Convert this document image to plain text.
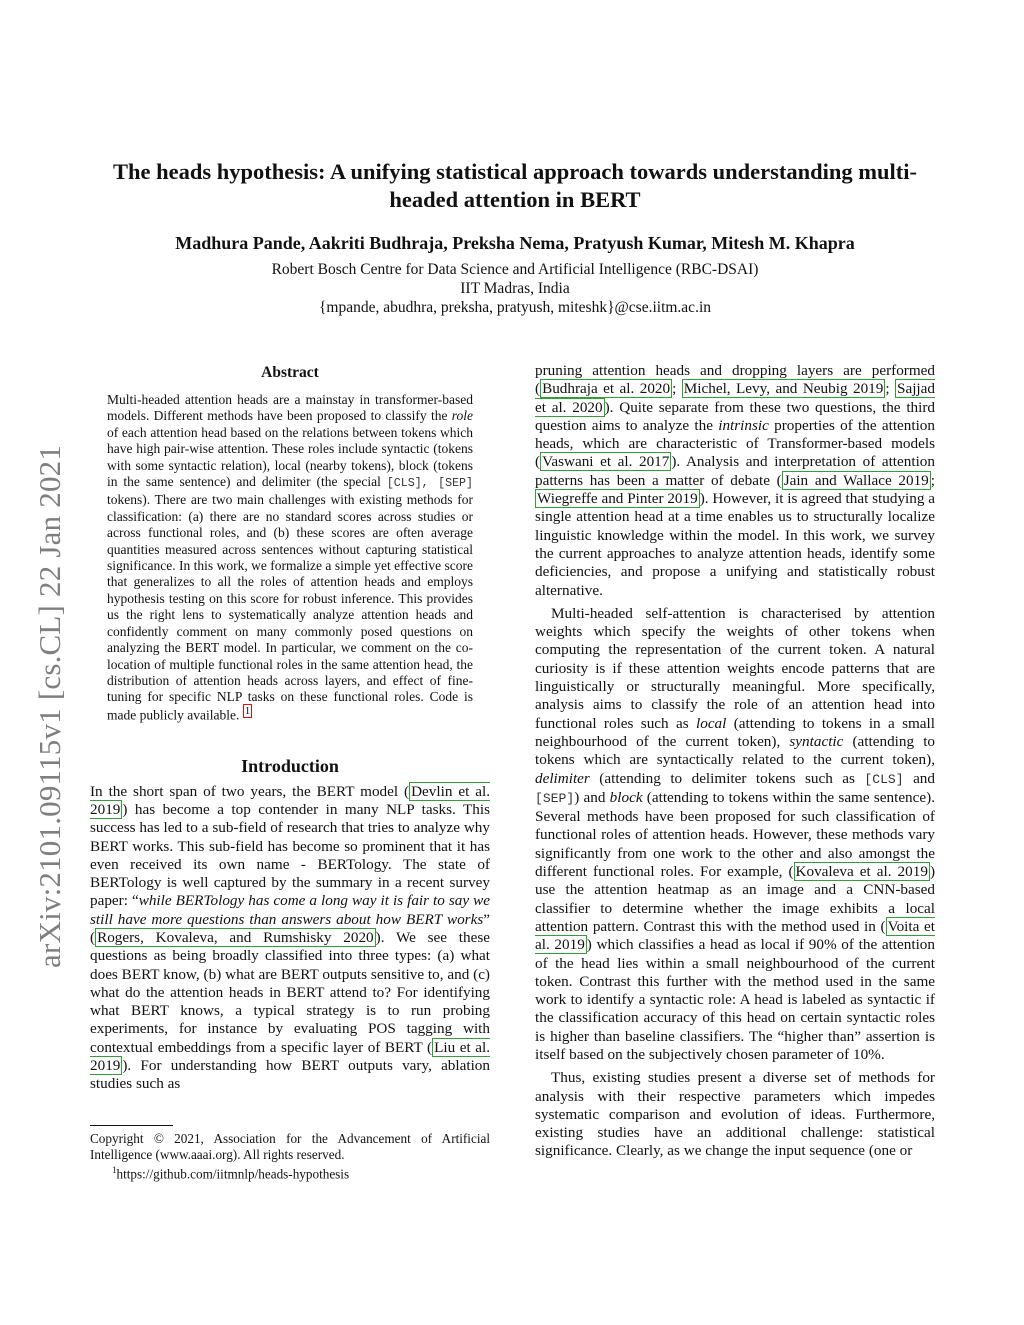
arXiv:2101.09115v1 [cs.CL] 22 Jan 2021
The heads hypothesis: A unifying statistical approach towards understanding multi-headed attention in BERT
Madhura Pande, Aakriti Budhraja, Preksha Nema, Pratyush Kumar, Mitesh M. Khapra
Robert Bosch Centre for Data Science and Artificial Intelligence (RBC-DSAI)
IIT Madras, India
{mpande, abudhra, preksha, pratyush, miteshk}@cse.iitm.ac.in
Abstract

Multi-headed attention heads are a mainstay in transformer-based models. Different methods have been proposed to classify the role of each attention head based on the relations between tokens which have high pair-wise attention. These roles include syntactic (tokens with some syntactic relation), local (nearby tokens), block (tokens in the same sentence) and delimiter (the special [CLS], [SEP] tokens). There are two main challenges with existing methods for classification: (a) there are no standard scores across studies or across functional roles, and (b) these scores are often average quantities measured across sentences without capturing statistical significance. In this work, we formalize a simple yet effective score that generalizes to all the roles of attention heads and employs hypothesis testing on this score for robust inference. This provides us the right lens to systematically analyze attention heads and confidently comment on many commonly posed questions on analyzing the BERT model. In particular, we comment on the co-location of multiple functional roles in the same attention head, the distribution of attention heads across layers, and effect of fine-tuning for specific NLP tasks on these functional roles. Code is made publicly available. $^1$

Introduction

In the short span of two years, the BERT model ( Devlin et al. 2019 ) has become a top contender in many NLP tasks. This success has led to a sub-field of research that tries to analyze why BERT works. This sub-field has become so prominent that it has even received its own name - BERTology. The state of BERTology is well captured by the summary in a recent survey paper: “while BERTology has come a long way it is fair to say we still have more questions than answers about how BERT works” ( Rogers, Kovaleva, and Rumshisky 2020 ). We see these questions as being broadly classified into three types: (a) what does BERT know, (b) what are BERT outputs sensitive to, and (c) what do the attention heads in BERT attend to? For identifying what BERT knows, a typical strategy is to run probing experiments, for instance by evaluating POS tagging with contextual embeddings from a specific layer of BERT ( Liu et al. 2019 ). For understanding how BERT outputs vary, ablation studies such as

Copyright © 2021, Association for the Advancement of Artificial Intelligence (www.aaai.org). All rights reserved.

$^1$https://github.com/iitmnlp/heads-hypothesis

pruning attention heads and dropping layers are performed ( Budhraja et al. 2020 ; Michel, Levy, and Neubig 2019 ; Sajjad et al. 2020 ). Quite separate from these two questions, the third question aims to analyze the intrinsic properties of the attention heads, which are characteristic of Transformer-based models ( Vaswani et al. 2017 ). Analysis and interpretation of attention patterns has been a matter of debate ( Jain and Wallace 2019 ; Wiegreffe and Pinter 2019 ). However, it is agreed that studying a single attention head at a time enables us to structurally localize linguistic knowledge within the model. In this work, we survey the current approaches to analyze attention heads, identify some deficiencies, and propose a unifying and statistically robust alternative.

Multi-headed self-attention is characterised by attention weights which specify the weights of other tokens when computing the representation of the current token. A natural curiosity is if these attention weights encode patterns that are linguistically or structurally meaningful. More specifically, analysis aims to classify the role of an attention head into functional roles such as local (attending to tokens in a small neighbourhood of the current token), syntactic (attending to tokens which are syntactically related to the current token), delimiter (attending to delimiter tokens such as [CLS] and [SEP]) and block (attending to tokens within the same sentence). Several methods have been proposed for such classification of functional roles of attention heads. However, these methods vary significantly from one work to the other and also amongst the different functional roles. For example, ( Kovaleva et al. 2019 ) use the attention heatmap as an image and a CNN-based classifier to determine whether the image exhibits a local attention pattern. Contrast this with the method used in ( Voita et al. 2019 ) which classifies a head as local if 90% of the attention of the head lies within a small neighbourhood of the current token. Contrast this further with the method used in the same work to identify a syntactic role: A head is labeled as syntactic if the classification accuracy of this head on certain syntactic roles is higher than baseline classifiers. The “higher than” assertion is itself based on the subjectively chosen parameter of 10%.

Thus, existing studies present a diverse set of methods for analysis with their respective parameters which impedes systematic comparison and evolution of ideas. Furthermore, existing studies have an additional challenge: statistical significance. Clearly, as we change the input sequence (one or
